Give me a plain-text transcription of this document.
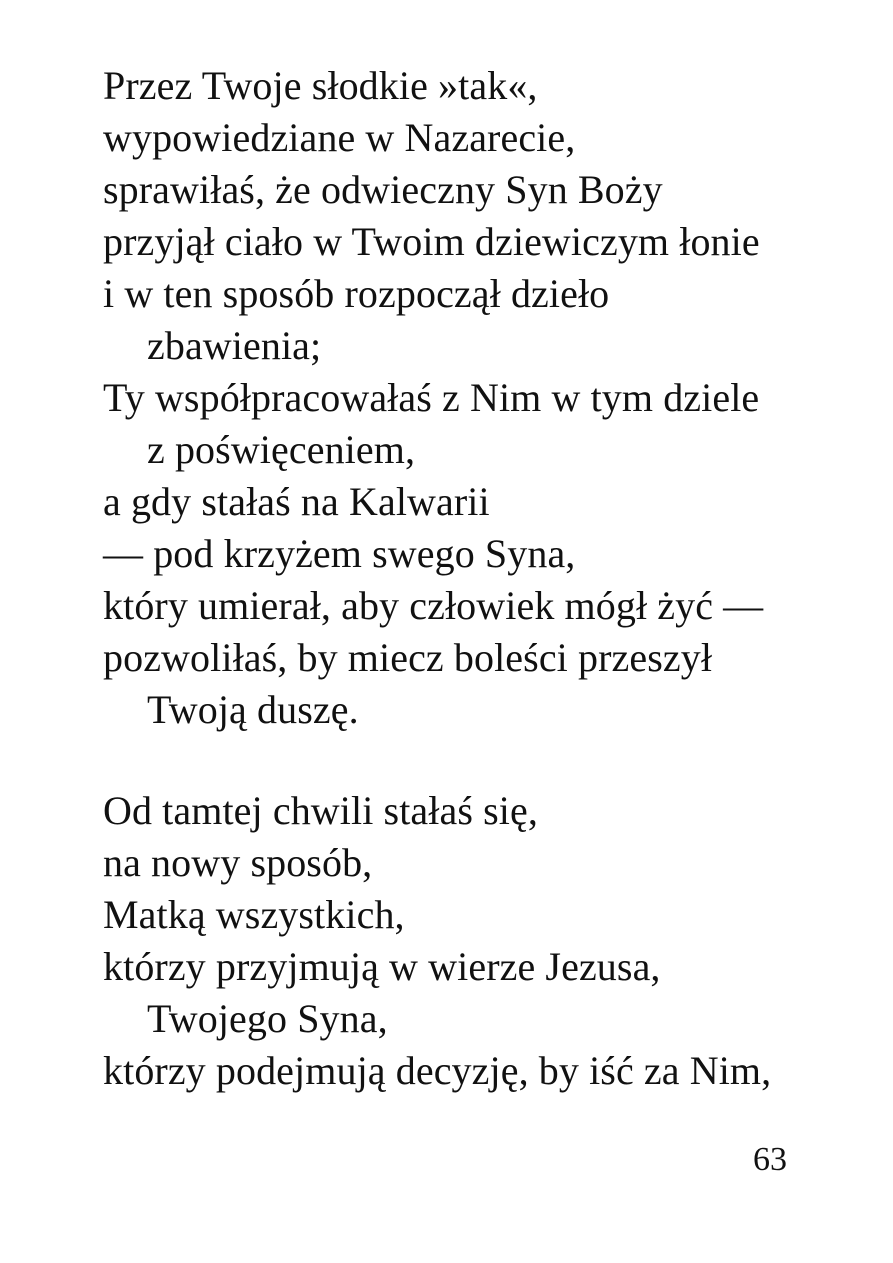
Przez Twoje słodkie »tak«,
wypowiedziane w Nazarecie,
sprawiłaś, że odwieczny Syn Boży
przyjął ciało w Twoim dziewiczym łonie
i w ten sposób rozpoczął dzieło
zbawienia;
Ty współpracowałaś z Nim w tym dziele
z poświęceniem,
a gdy stałaś na Kalwarii
— pod krzyżem swego Syna,
który umierał, aby człowiek mógł żyć —
pozwoliłaś, by miecz boleści przeszył
Twoją duszę.
Od tamtej chwili stałaś się,
na nowy sposób,
Matką wszystkich,
którzy przyjmują w wierze Jezusa,
Twojego Syna,
którzy podejmują decyzję, by iść za Nim,
63
